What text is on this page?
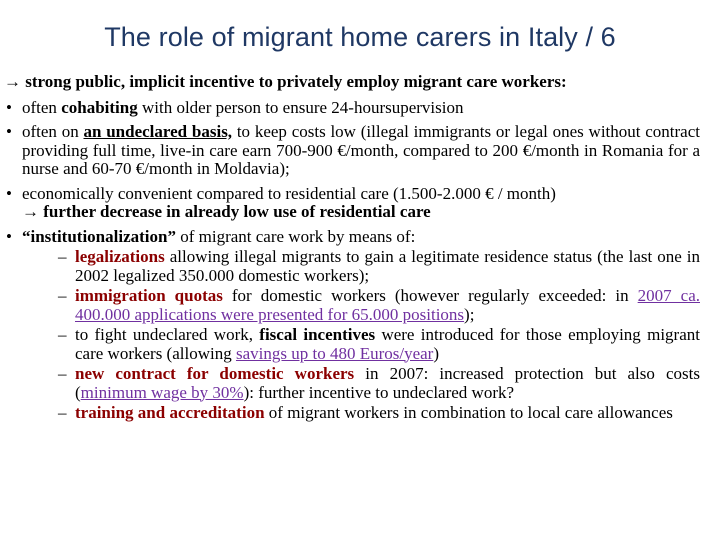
The role of migrant home carers in Italy / 6

→ strong public, implicit incentive to privately employ migrant care workers:

• often cohabiting with older person to ensure 24-hoursupervision

• often on an undeclared basis, to keep costs low (illegal immigrants or legal ones without contract providing full time, live-in care earn 700-900 €/month, compared to 200 €/month in Romania for a nurse and 60-70 €/month in Moldavia);

• economically convenient compared to residential care (1.500-2.000 € / month)
→ further decrease in already low use of residential care

• “institutionalization” of migrant care work by means of:

– legalizations allowing illegal migrants to gain a legitimate residence status (the last one in 2002 legalized 350.000 domestic workers);

– immigration quotas for domestic workers (however regularly exceeded: in 2007 ca. 400.000 applications were presented for 65.000 positions);

– to fight undeclared work, fiscal incentives were introduced for those employing migrant care workers (allowing savings up to 480 Euros/year)

– new contract for domestic workers in 2007: increased protection but also costs (minimum wage by 30%): further incentive to undeclared work?

– training and accreditation of migrant workers in combination to local care allowances
